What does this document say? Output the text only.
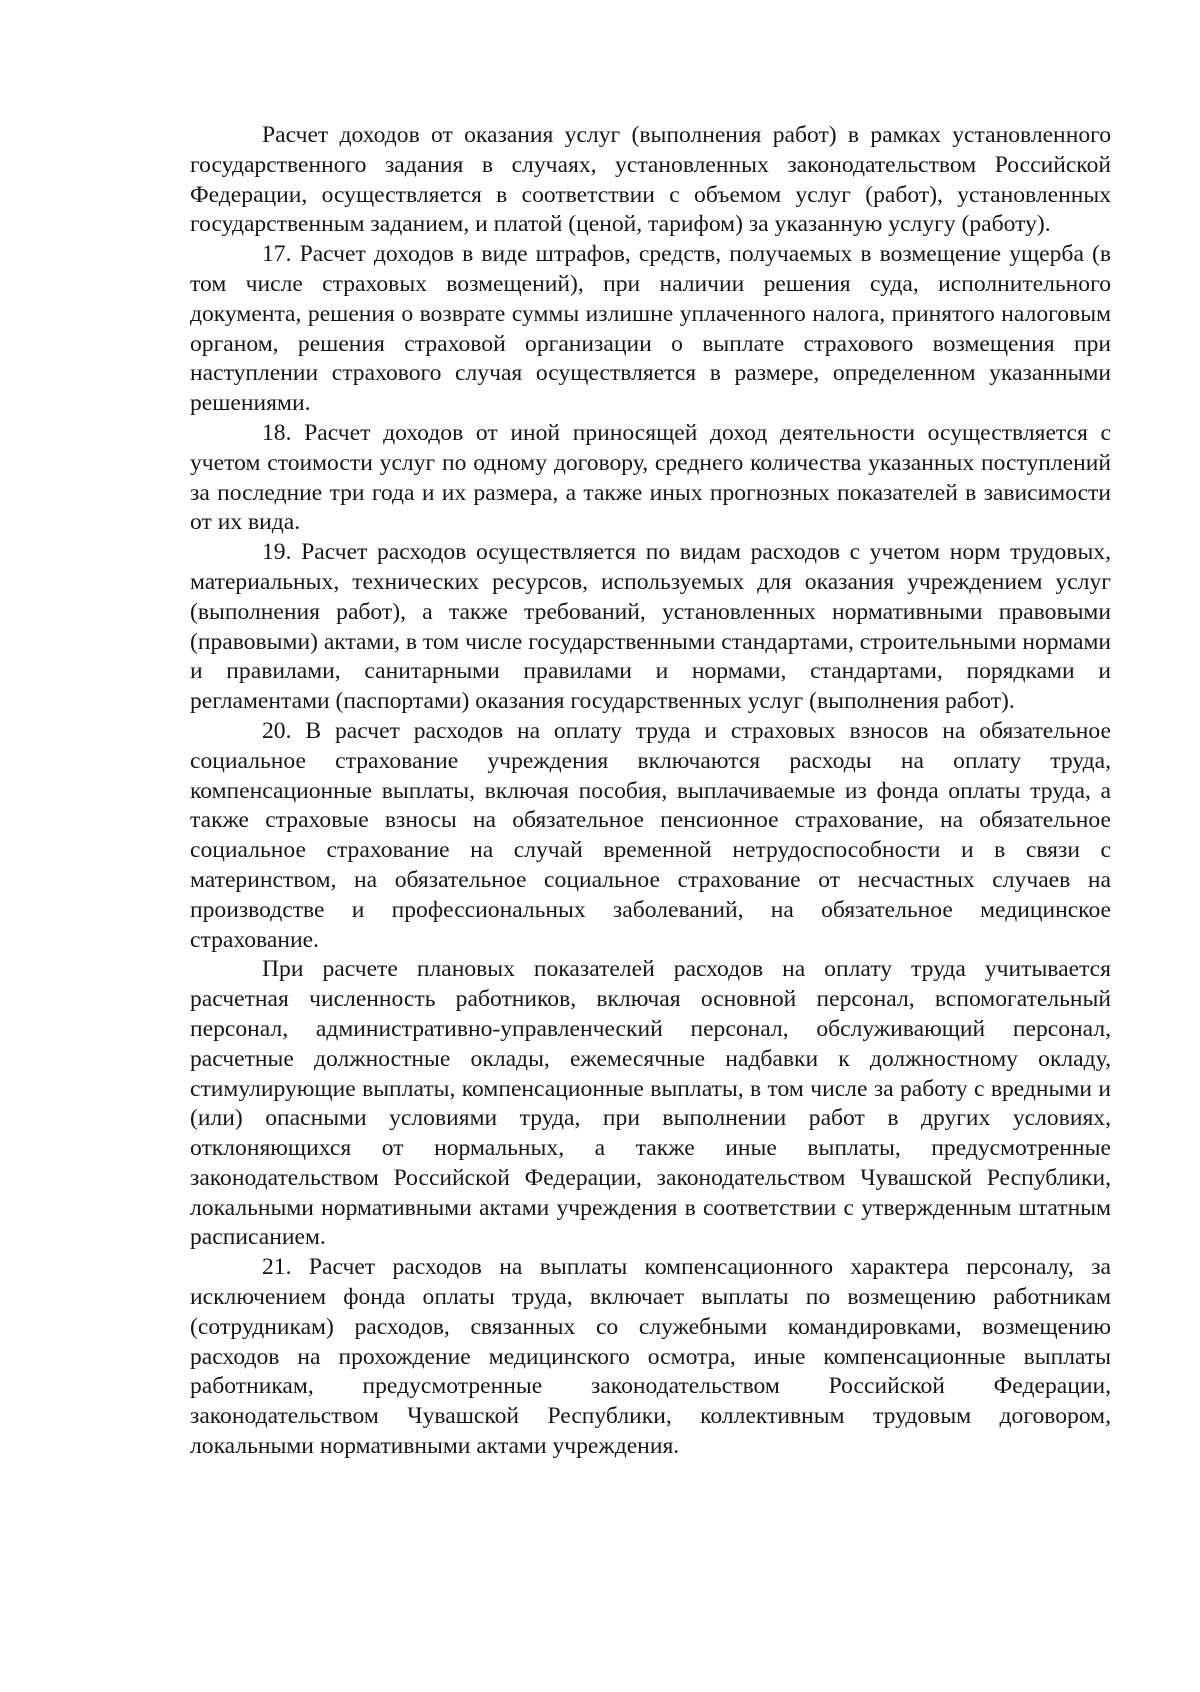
Расчет доходов от оказания услуг (выполнения работ) в рамках установленного государственного задания в случаях, установленных законодательством Российской Федерации, осуществляется в соответствии с объемом услуг (работ), установленных государственным заданием, и платой (ценой, тарифом) за указанную услугу (работу).

17. Расчет доходов в виде штрафов, средств, получаемых в возмещение ущерба (в том числе страховых возмещений), при наличии решения суда, исполнительного документа, решения о возврате суммы излишне уплаченного налога, принятого налоговым органом, решения страховой организации о выплате страхового возмещения при наступлении страхового случая осуществляется в размере, определенном указанными решениями.

18. Расчет доходов от иной приносящей доход деятельности осуществляется с учетом стоимости услуг по одному договору, среднего количества указанных поступлений за последние три года и их размера, а также иных прогнозных показателей в зависимости от их вида.

19. Расчет расходов осуществляется по видам расходов с учетом норм трудовых, материальных, технических ресурсов, используемых для оказания учреждением услуг (выполнения работ), а также требований, установленных нормативными правовыми (правовыми) актами, в том числе государственными стандартами, строительными нормами и правилами, санитарными правилами и нормами, стандартами, порядками и регламентами (паспортами) оказания государственных услуг (выполнения работ).

20. В расчет расходов на оплату труда и страховых взносов на обязательное социальное страхование учреждения включаются расходы на оплату труда, компенсационные выплаты, включая пособия, выплачиваемые из фонда оплаты труда, а также страховые взносы на обязательное пенсионное страхование, на обязательное социальное страхование на случай временной нетрудоспособности и в связи с материнством, на обязательное социальное страхование от несчастных случаев на производстве и профессиональных заболеваний, на обязательное медицинское страхование.

При расчете плановых показателей расходов на оплату труда учитывается расчетная численность работников, включая основной персонал, вспомогательный персонал, административно-управленческий персонал, обслуживающий персонал, расчетные должностные оклады, ежемесячные надбавки к должностному окладу, стимулирующие выплаты, компенсационные выплаты, в том числе за работу с вредными и (или) опасными условиями труда, при выполнении работ в других условиях, отклоняющихся от нормальных, а также иные выплаты, предусмотренные законодательством Российской Федерации, законодательством Чувашской Республики, локальными нормативными актами учреждения в соответствии с утвержденным штатным расписанием.

21. Расчет расходов на выплаты компенсационного характера персоналу, за исключением фонда оплаты труда, включает выплаты по возмещению работникам (сотрудникам) расходов, связанных со служебными командировками, возмещению расходов на прохождение медицинского осмотра, иные компенсационные выплаты работникам, предусмотренные законодательством Российской Федерации, законодательством Чувашской Республики, коллективным трудовым договором, локальными нормативными актами учреждения.
